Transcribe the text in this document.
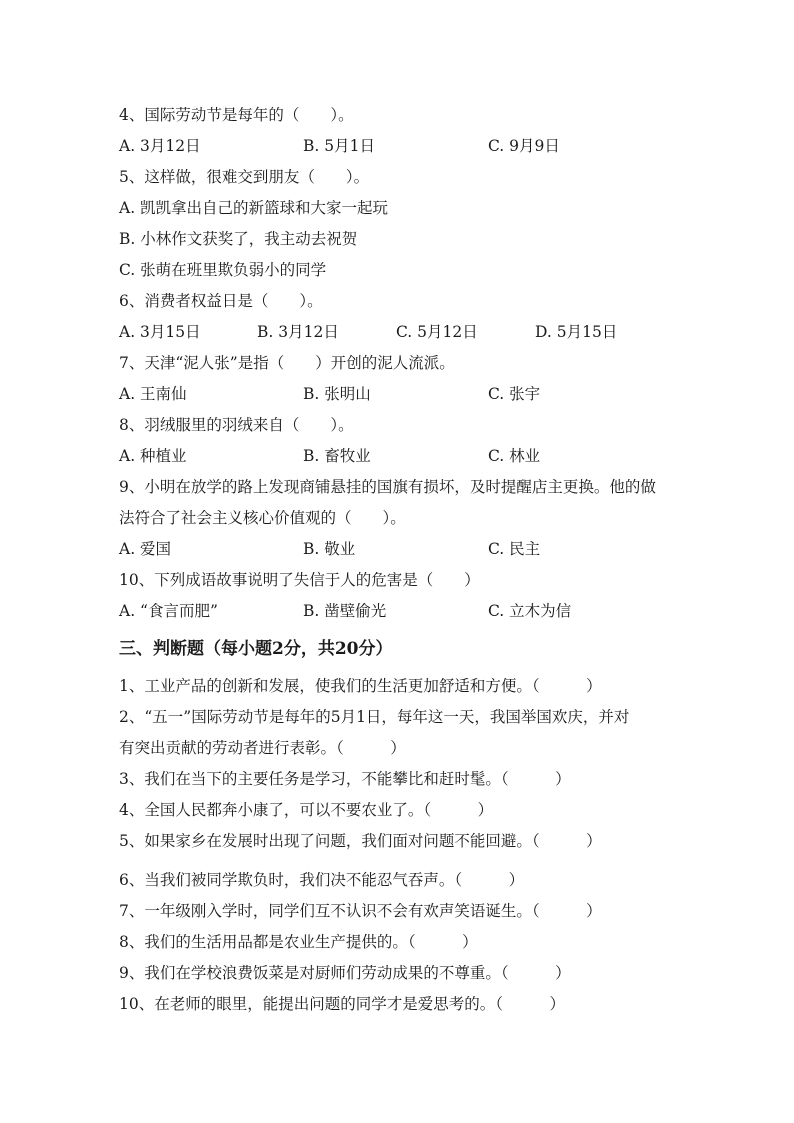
4、国际劳动节是每年的（　　）。
A. 3月12日	B. 5月1日	C. 9月9日
5、这样做，很难交到朋友（　　）。
A. 凯凯拿出自己的新篮球和大家一起玩
B. 小林作文获奖了，我主动去祝贺
C. 张萌在班里欺负弱小的同学
6、消费者权益日是（　　）。
A. 3月15日	B. 3月12日	C. 5月12日	D. 5月15日
7、天津“泥人张”是指（　　）开创的泥人流派。
A. 王南仙	B. 张明山	C. 张宇
8、羽绒服里的羽绒来自（　　）。
A. 种植业	B. 畜牧业	C. 林业
9、小明在放学的路上发现商铺悬挂的国旗有损坏，及时提醒店主更换。他的做
法符合了社会主义核心价值观的（　　）。
A. 爱国	B. 敬业	C. 民主
10、下列成语故事说明了失信于人的危害是（　　）
A. “食言而肥”	B. 凿壁偷光	C. 立木为信
三、判断题（每小题2分，共20分）
1、工业产品的创新和发展，使我们的生活更加舒适和方便。（　　　）
2、“五一”国际劳动节是每年的5月1日，每年这一天，我国举国欢庆，并对
有突出贡献的劳动者进行表彰。（　　　）
3、我们在当下的主要任务是学习，不能攀比和赶时髦。（　　　）
4、全国人民都奔小康了，可以不要农业了。（　　　）
5、如果家乡在发展时出现了问题，我们面对问题不能回避。（　　　）
6、当我们被同学欺负时，我们决不能忍气吞声。（　　　）
7、一年级刚入学时，同学们互不认识不会有欢声笑语诞生。（　　　）
8、我们的生活用品都是农业生产提供的。（　　　）
9、我们在学校浪费饭菜是对厨师们劳动成果的不尊重。（　　　）
10、在老师的眼里，能提出问题的同学才是爱思考的。（　　　）
